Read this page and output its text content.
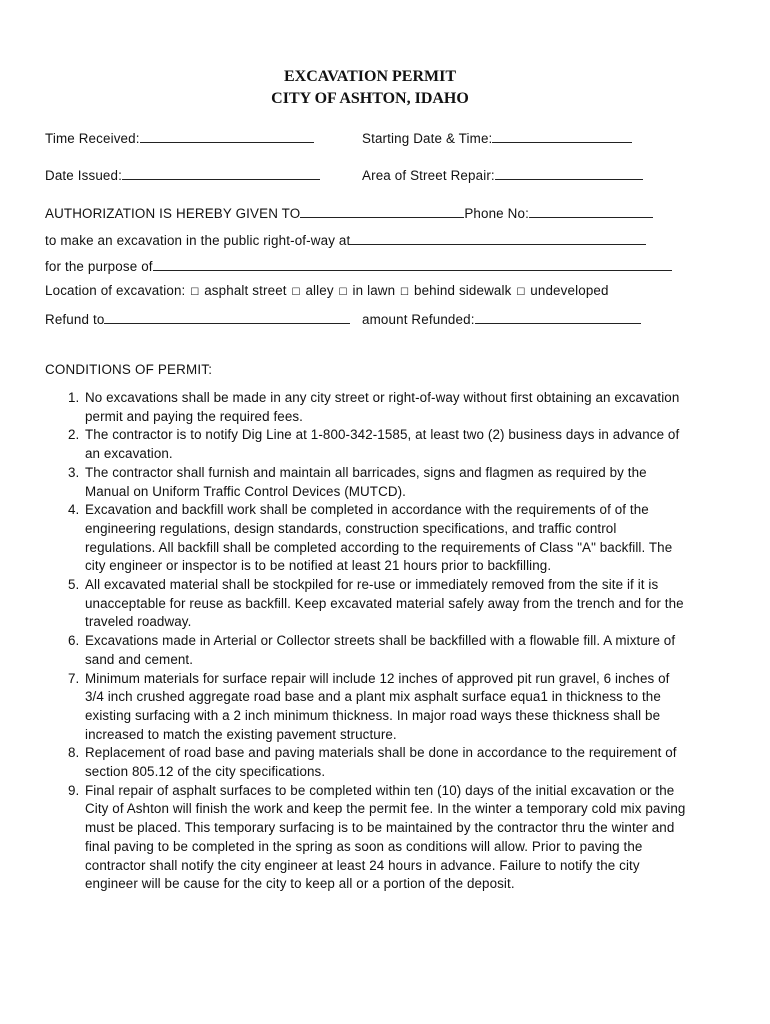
EXCAVATION PERMIT
CITY OF ASHTON, IDAHO
Time Received:	Starting Date & Time:
Date Issued:	Area of Street Repair:
AUTHORIZATION IS HEREBY GIVEN TO	Phone No:
to make an excavation in the public right-of-way at
for the purpose of
Location of excavation: ☐ asphalt street ☐ alley ☐ in lawn ☐ behind sidewalk ☐ undeveloped
Refund to	amount Refunded:
CONDITIONS OF PERMIT:
1. No excavations shall be made in any city street or right-of-way without first obtaining an excavation permit and paying the required fees.
2. The contractor is to notify Dig Line at 1-800-342-1585, at least two (2) business days in advance of an excavation.
3. The contractor shall furnish and maintain all barricades, signs and flagmen as required by the Manual on Uniform Traffic Control Devices (MUTCD).
4. Excavation and backfill work shall be completed in accordance with the requirements of of the engineering regulations, design standards, construction specifications, and traffic control regulations. All backfill shall be completed according to the requirements of Class "A" backfill. The city engineer or inspector is to be notified at least 21 hours prior to backfilling.
5. All excavated material shall be stockpiled for re-use or immediately removed from the site if it is unacceptable for reuse as backfill. Keep excavated material safely away from the trench and for the traveled roadway.
6. Excavations made in Arterial or Collector streets shall be backfilled with a flowable fill. A mixture of sand and cement.
7. Minimum materials for surface repair will include 12 inches of approved pit run gravel, 6 inches of 3/4 inch crushed aggregate road base and a plant mix asphalt surface equa1 in thickness to the existing surfacing with a 2 inch minimum thickness. In major road ways these thickness shall be increased to match the existing pavement structure.
8. Replacement of road base and paving materials shall be done in accordance to the requirement of section 805.12 of the city specifications.
9. Final repair of asphalt surfaces to be completed within ten (10) days of the initial excavation or the City of Ashton will finish the work and keep the permit fee. In the winter a temporary cold mix paving must be placed. This temporary surfacing is to be maintained by the contractor thru the winter and final paving to be completed in the spring as soon as conditions will allow. Prior to paving the contractor shall notify the city engineer at least 24 hours in advance. Failure to notify the city engineer will be cause for the city to keep all or a portion of the deposit.
